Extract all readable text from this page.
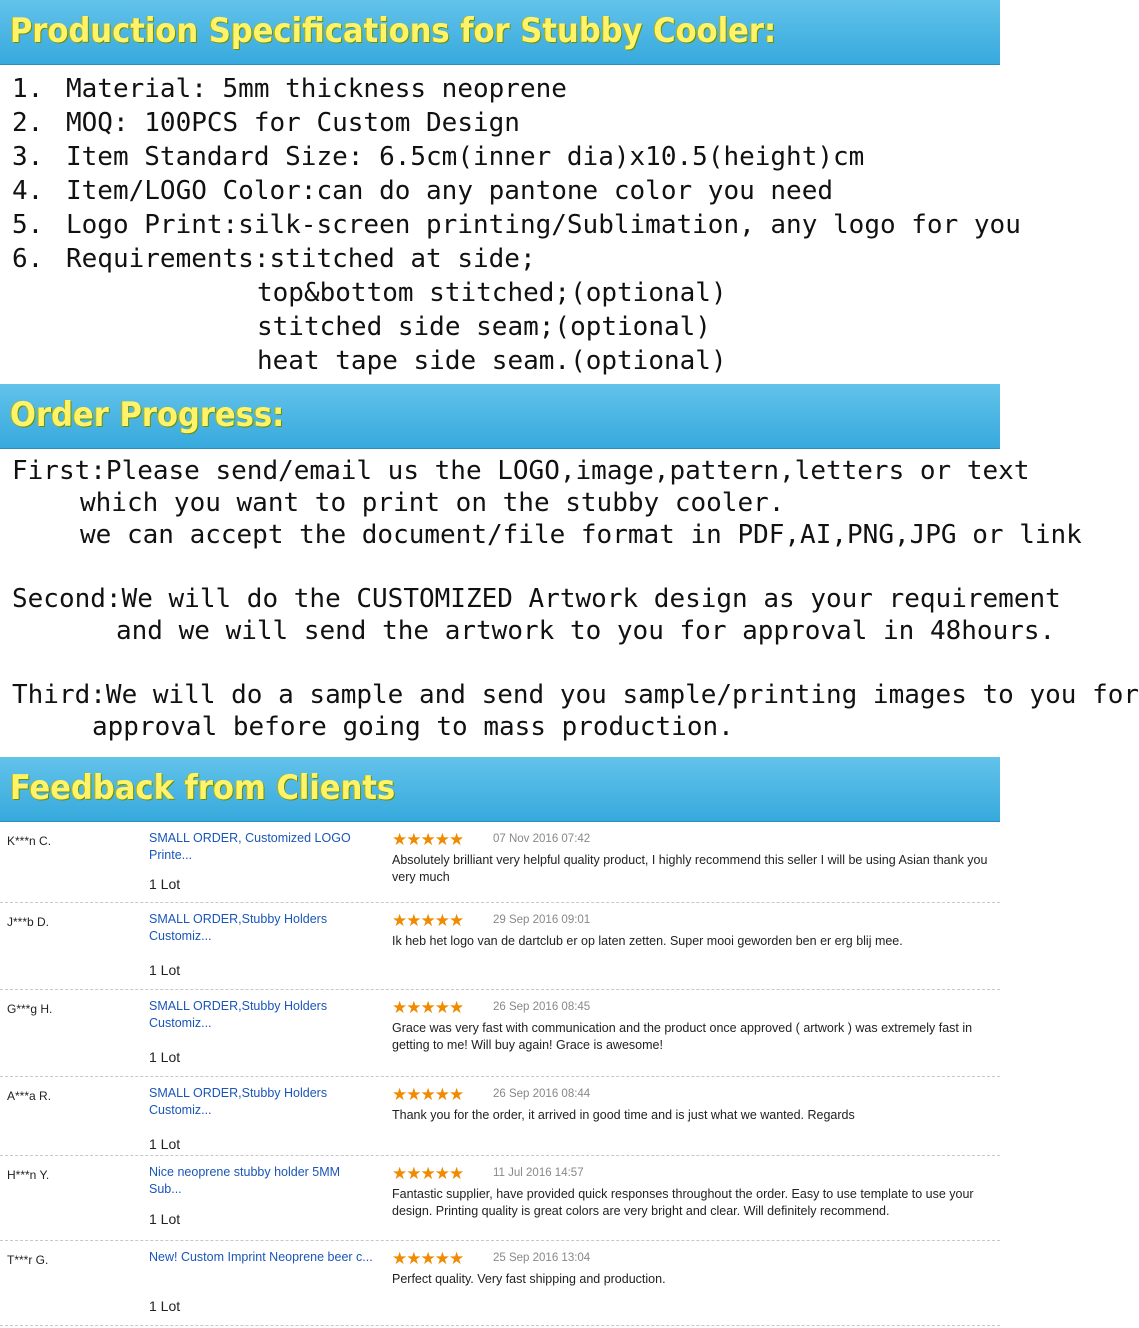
Production Specifications for Stubby Cooler:
1. Material: 5mm thickness neoprene
2. MOQ: 100PCS for Custom Design
3. Item Standard Size: 6.5cm(inner dia)x10.5(height)cm
4. Item/LOGO Color:can do any pantone color you need
5. Logo Print:silk-screen printing/Sublimation, any logo for you
6. Requirements:stitched at side;
top&bottom stitched;(optional)
stitched side seam;(optional)
heat tape side seam.(optional)
Order Progress:
First:Please send/email us the LOGO,image,pattern,letters or text
which you want to print on the stubby cooler.
we can accept the document/file format in PDF,AI,PNG,JPG or link
Second:We will do the CUSTOMIZED Artwork design as your requirement
and we will send the artwork to you for approval in 48hours.
Third:We will do a sample and send you sample/printing images to you for
approval before going to mass production.
Feedback from Clients
K***n C.	SMALL ORDER, Customized LOGO Printe...
1 Lot
★★★★★	07 Nov 2016 07:42
Absolutely brilliant very helpful quality product, I highly recommend this seller I will be using Asian thank you very much
J***b D.	SMALL ORDER,Stubby Holders Customiz...
1 Lot
★★★★★	29 Sep 2016 09:01
Ik heb het logo van de dartclub er op laten zetten. Super mooi geworden ben er erg blij mee.
G***g H.	SMALL ORDER,Stubby Holders Customiz...
1 Lot
★★★★★	26 Sep 2016 08:45
Grace was very fast with communication and the product once approved ( artwork ) was extremely fast in getting to me! Will buy again! Grace is awesome!
A***a R.	SMALL ORDER,Stubby Holders Customiz...
1 Lot
★★★★★	26 Sep 2016 08:44
Thank you for the order, it arrived in good time and is just what we wanted. Regards
H***n Y.	Nice neoprene stubby holder 5MM Sub...
1 Lot
★★★★★	11 Jul 2016 14:57
Fantastic supplier, have provided quick responses throughout the order. Easy to use template to use your design. Printing quality is great colors are very bright and clear. Will definitely recommend.
T***r G.	New! Custom Imprint Neoprene beer c...
1 Lot
★★★★★	25 Sep 2016 13:04
Perfect quality. Very fast shipping and production.
